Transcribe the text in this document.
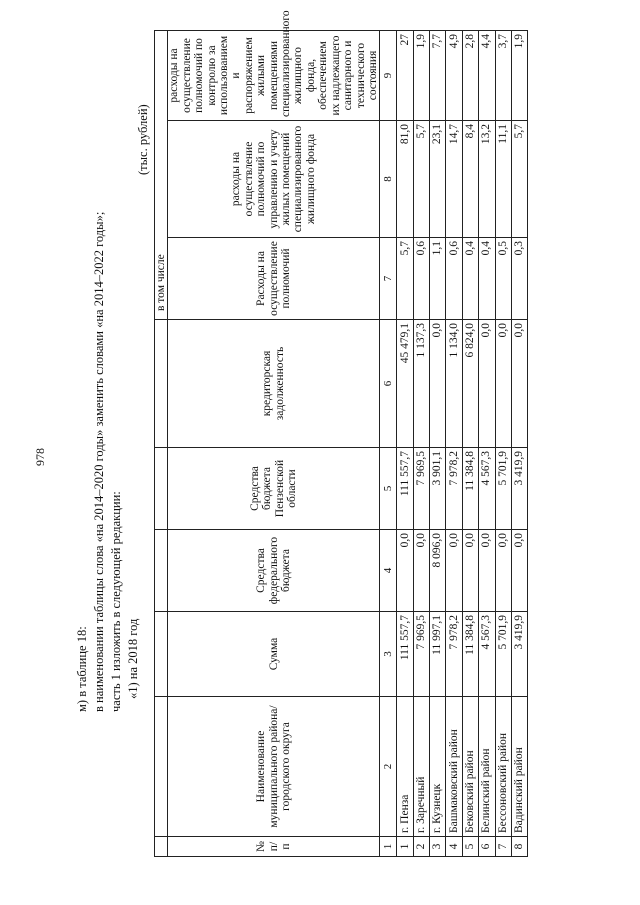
978
м) в таблице 18: в наименовании таблицы слова «на 2014–2020 годы» заменить словами «на 2014–2022 годы»; часть 1 изложить в следующей редакции: «1) на 2018 год
(тыс. рублей)
						в том числе		
№ п/п	Наименование муниципального района/городского округа	Сумма	Средства федерального бюджета	Средства бюджета Пензенской области	кредиторская задолженность	Расходы на осуществление полномочий	расходы на осуществление полномочий по управлению и учету жилых помещений специализированного жилищного фонда	расходы на осуществление полномочий по контролю за использованием и распоряжением жилыми помещениями специализированного жилищного фонда, обеспечением их надлежащего санитарного и технического состояния
1	2	3	4	5	6	7	8	9
1	г. Пенза	111 557,7	0,0	111 557,7	45 479,1	5,7	81,0	27
2	г. Заречный	7 969,5	0,0	7 969,5	1 137,3	0,6	5,7	1,9
3	г. Кузнецк	11 997,1	8 096,0	3 901,1	0,0	1,1	23,1	7,7
4	Башмаковский район	7 978,2	0,0	7 978,2	1 134,0	0,6	14,7	4,9
5	Бековский район	11 384,8	0,0	11 384,8	6 824,0	0,4	8,4	2,8
6	Белинский район	4 567,3	0,0	4 567,3	0,0	0,4	13,2	4,4
7	Бессоновский район	5 701,9	0,0	5 701,9	0,0	0,5	11,1	3,7
8	Вадинский район	3 419,9	0,0	3 419,9	0,0	0,3	5,7	1,9
